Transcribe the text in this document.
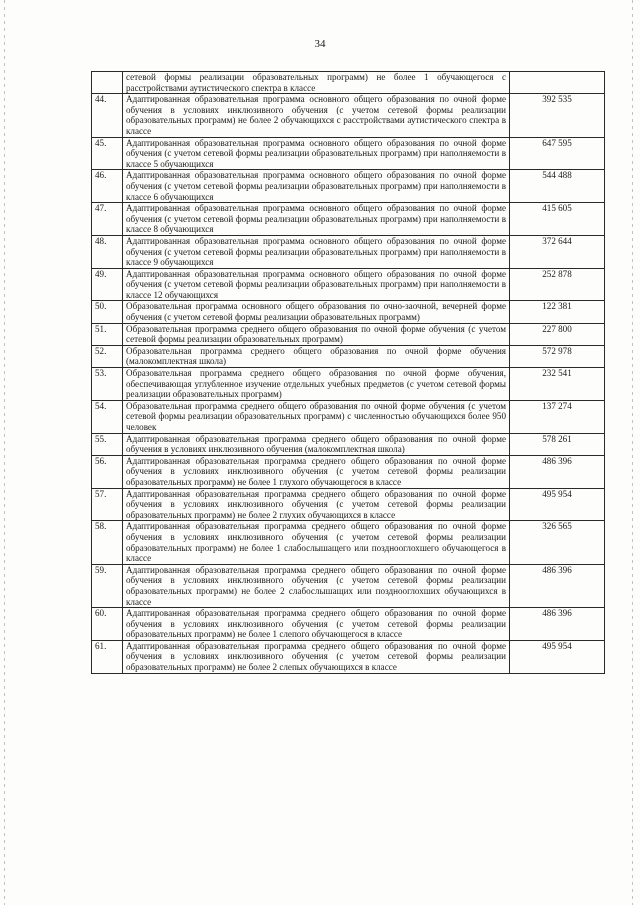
34
	сетевой формы реализации образовательных программ) не более 1 обучающегося с расстройствами аутистического спектра в классе	
44.	Адаптированная образовательная программа основного общего образования по очной форме обучения в условиях инклюзивного обучения (с учетом сетевой формы реализации образовательных программ) не более 2 обучающихся с расстройствами аутистического спектра в классе	392 535
45.	Адаптированная образовательная программа основного общего образования по очной форме обучения (с учетом сетевой формы реализации образовательных программ) при наполняемости в классе 5 обучающихся	647 595
46.	Адаптированная образовательная программа основного общего образования по очной форме обучения (с учетом сетевой формы реализации образовательных программ) при наполняемости в классе 6 обучающихся	544 488
47.	Адаптированная образовательная программа основного общего образования по очной форме обучения (с учетом сетевой формы реализации образовательных программ) при наполняемости в классе 8 обучающихся	415 605
48.	Адаптированная образовательная программа основного общего образования по очной форме обучения (с учетом сетевой формы реализации образовательных программ) при наполняемости в классе 9 обучающихся	372 644
49.	Адаптированная образовательная программа основного общего образования по очной форме обучения (с учетом сетевой формы реализации образовательных программ) при наполняемости в классе 12 обучающихся	252 878
50.	Образовательная программа основного общего образования по очно-заочной, вечерней форме обучения (с учетом сетевой формы реализации образовательных программ)	122 381
51.	Образовательная программа среднего общего образования по очной форме обучения (с учетом сетевой формы реализации образовательных программ)	227 800
52.	Образовательная программа среднего общего образования по очной форме обучения (малокомплектная школа)	572 978
53.	Образовательная программа среднего общего образования по очной форме обучения, обеспечивающая углубленное изучение отдельных учебных предметов (с учетом сетевой формы реализации образовательных программ)	232 541
54.	Образовательная программа среднего общего образования по очной форме обучения (с учетом сетевой формы реализации образовательных программ) с численностью обучающихся более 950 человек	137 274
55.	Адаптированная образовательная программа среднего общего образования по очной форме обучения в условиях инклюзивного обучения (малокомплектная школа)	578 261
56.	Адаптированная образовательная программа среднего общего образования по очной форме обучения в условиях инклюзивного обучения (с учетом сетевой формы реализации образовательных программ) не более 1 глухого обучающегося в классе	486 396
57.	Адаптированная образовательная программа среднего общего образования по очной форме обучения в условиях инклюзивного обучения (с учетом сетевой формы реализации образовательных программ) не более 2 глухих обучающихся в классе	495 954
58.	Адаптированная образовательная программа среднего общего образования по очной форме обучения в условиях инклюзивного обучения (с учетом сетевой формы реализации образовательных программ) не более 1 слабослышащего или позднооглохшего обучающегося в классе	326 565
59.	Адаптированная образовательная программа среднего общего образования по очной форме обучения в условиях инклюзивного обучения (с учетом сетевой формы реализации образовательных программ) не более 2 слабослышащих или позднооглохших обучающихся в классе	486 396
60.	Адаптированная образовательная программа среднего общего образования по очной форме обучения в условиях инклюзивного обучения (с учетом сетевой формы реализации образовательных программ) не более 1 слепого обучающегося в классе	486 396
61.	Адаптированная образовательная программа среднего общего образования по очной форме обучения в условиях инклюзивного обучения (с учетом сетевой формы реализации образовательных программ) не более 2 слепых обучающихся в классе	495 954
